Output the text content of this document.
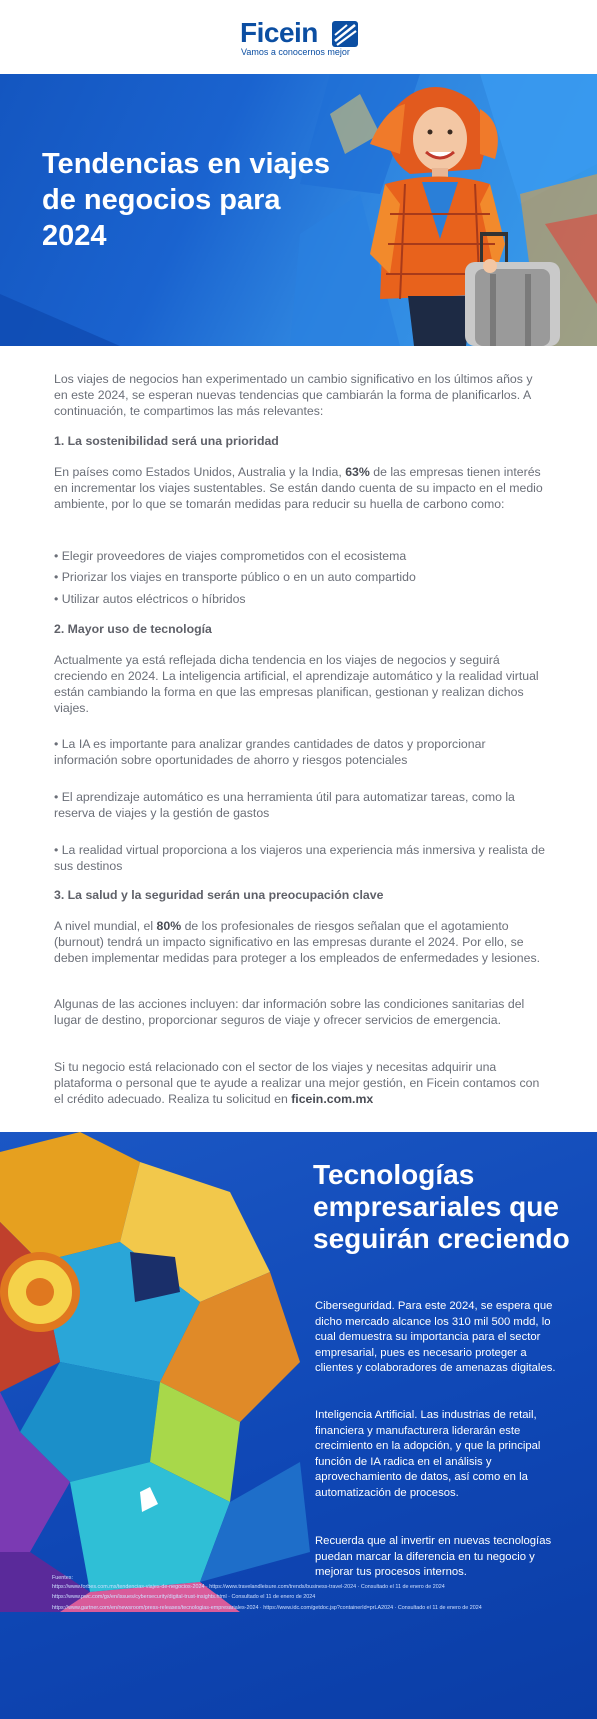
Ficein
Vamos a conocernos mejor
Tendencias en viajes de negocios para 2024

Los viajes de negocios han experimentado un cambio significativo en los últimos años y en este 2024, se esperan nuevas tendencias que cambiarán la forma de planificarlos. A continuación, te compartimos las más relevantes:

1. La sostenibilidad será una prioridad

En países como Estados Unidos, Australia y la India, 63% de las empresas tienen interés en incrementar los viajes sustentables. Se están dando cuenta de su impacto en el medio ambiente, por lo que se tomarán medidas para reducir su huella de carbono como:

• Elegir proveedores de viajes comprometidos con el ecosistema

• Priorizar los viajes en transporte público o en un auto compartido

• Utilizar autos eléctricos o híbridos

2. Mayor uso de tecnología

Actualmente ya está reflejada dicha tendencia en los viajes de negocios y seguirá creciendo en 2024. La inteligencia artificial, el aprendizaje automático y la realidad virtual están cambiando la forma en que las empresas planifican, gestionan y realizan dichos viajes.

• La IA es importante para analizar grandes cantidades de datos y proporcionar información sobre oportunidades de ahorro y riesgos potenciales

• El aprendizaje automático es una herramienta útil para automatizar tareas, como la reserva de viajes y la gestión de gastos

• La realidad virtual proporciona a los viajeros una experiencia más inmersiva y realista de sus destinos

3. La salud y la seguridad serán una preocupación clave

A nivel mundial, el 80% de los profesionales de riesgos señalan que el agotamiento (burnout) tendrá un impacto significativo en las empresas durante el 2024. Por ello, se deben implementar medidas para proteger a los empleados de enfermedades y lesiones.

Algunas de las acciones incluyen: dar información sobre las condiciones sanitarias del lugar de destino, proporcionar seguros de viaje y ofrecer servicios de emergencia.

Si tu negocio está relacionado con el sector de los viajes y necesitas adquirir una plataforma o personal que te ayude a realizar una mejor gestión, en Ficein contamos con el crédito adecuado. Realiza tu solicitud en ficein.com.mx

Tecnologías empresariales que seguirán creciendo

Ciberseguridad. Para este 2024, se espera que dicho mercado alcance los 310 mil 500 mdd, lo cual demuestra su importancia para el sector empresarial, pues es necesario proteger a clientes y colaboradores de amenazas digitales.

Inteligencia Artificial. Las industrias de retail, financiera y manufacturera liderarán este crecimiento en la adopción, y que la principal función de IA radica en el análisis y aprovechamiento de datos, así como en la automatización de procesos.

Recuerda que al invertir en nuevas tecnologías puedan marcar la diferencia en tu negocio y mejorar tus procesos internos.

Fuentes:
https://www.forbes.com.mx/tendencias-viajes-de-negocios-2024 · https://www.travelandleisure.com/trends/business-travel-2024 · Consultado el 11 de enero de 2024
https://www.pwc.com/gx/en/issues/cybersecurity/digital-trust-insights.html · Consultado el 11 de enero de 2024
https://www.gartner.com/en/newsroom/press-releases/tecnologias-empresariales-2024 · https://www.idc.com/getdoc.jsp?containerId=prLA2024 · Consultado el 11 de enero de 2024
